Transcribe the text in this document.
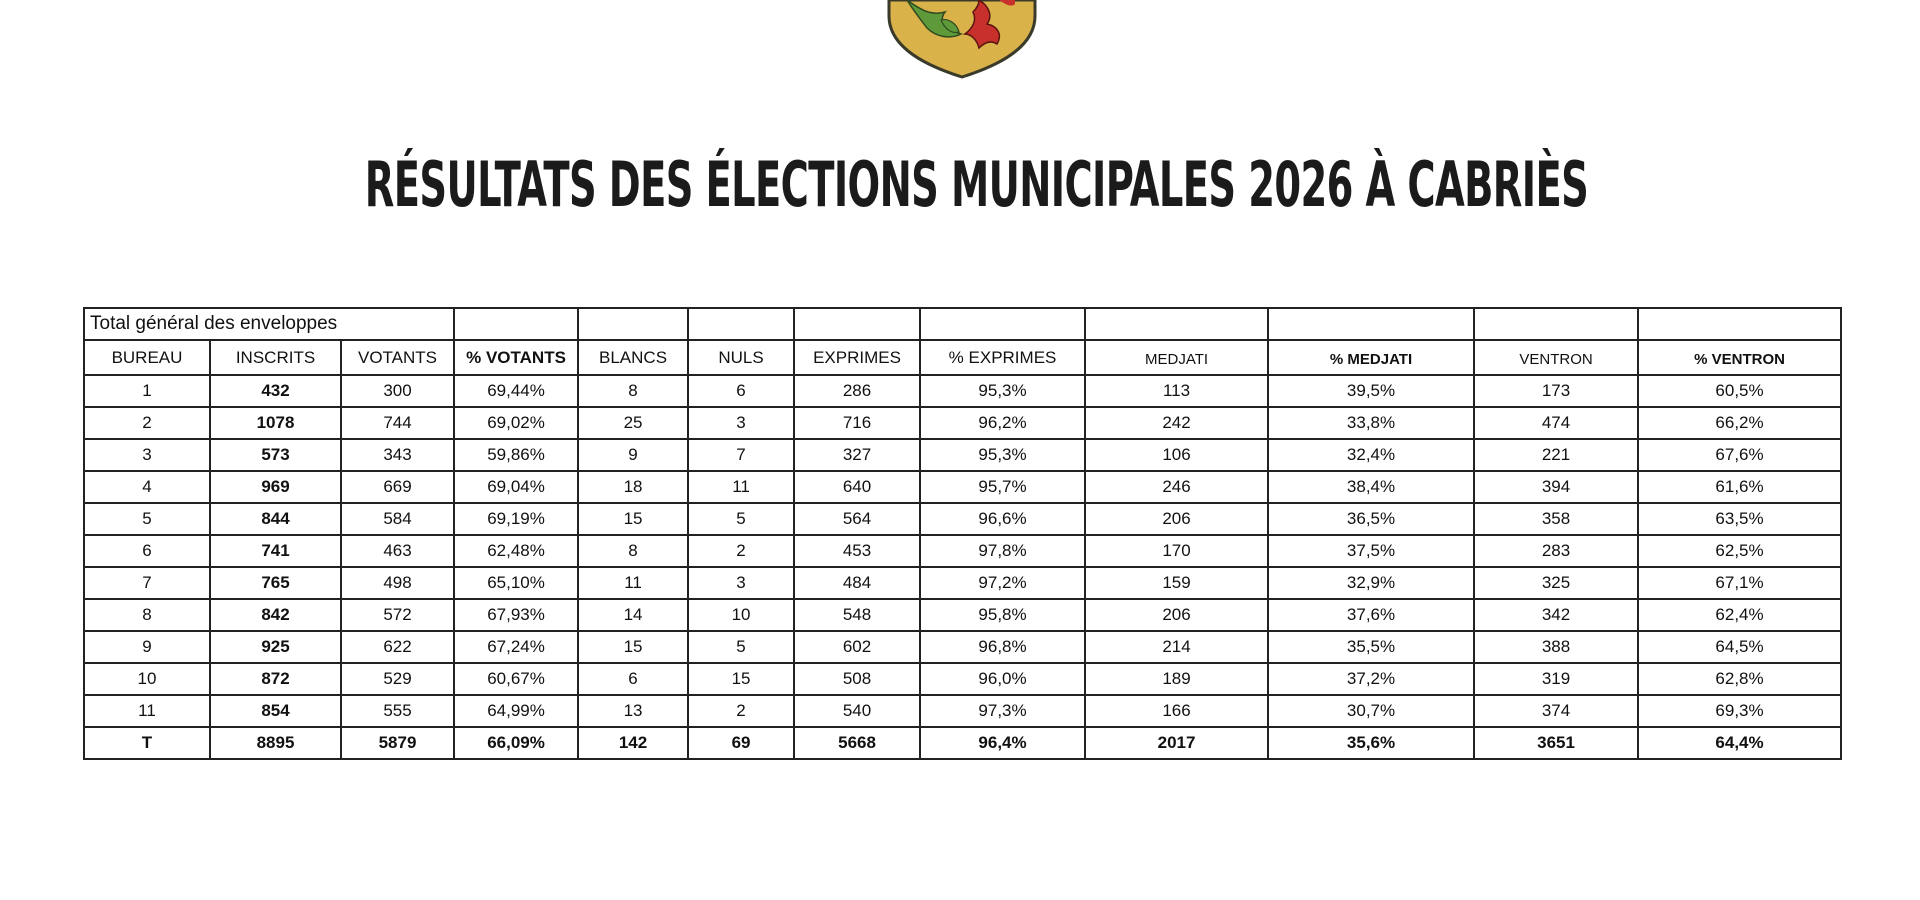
RÉSULTATS DES ÉLECTIONS MUNICIPALES 2026 À CABRIÈS
Total général des enveloppes											
BUREAU	INSCRITS	VOTANTS	% VOTANTS	BLANCS	NULS	EXPRIMES	% EXPRIMES	MEDJATI	% MEDJATI	VENTRON	% VENTRON
1	432	300	69,44%	8	6	286	95,3%	113	39,5%	173	60,5%
2	1078	744	69,02%	25	3	716	96,2%	242	33,8%	474	66,2%
3	573	343	59,86%	9	7	327	95,3%	106	32,4%	221	67,6%
4	969	669	69,04%	18	11	640	95,7%	246	38,4%	394	61,6%
5	844	584	69,19%	15	5	564	96,6%	206	36,5%	358	63,5%
6	741	463	62,48%	8	2	453	97,8%	170	37,5%	283	62,5%
7	765	498	65,10%	11	3	484	97,2%	159	32,9%	325	67,1%
8	842	572	67,93%	14	10	548	95,8%	206	37,6%	342	62,4%
9	925	622	67,24%	15	5	602	96,8%	214	35,5%	388	64,5%
10	872	529	60,67%	6	15	508	96,0%	189	37,2%	319	62,8%
11	854	555	64,99%	13	2	540	97,3%	166	30,7%	374	69,3%
T	8895	5879	66,09%	142	69	5668	96,4%	2017	35,6%	3651	64,4%
